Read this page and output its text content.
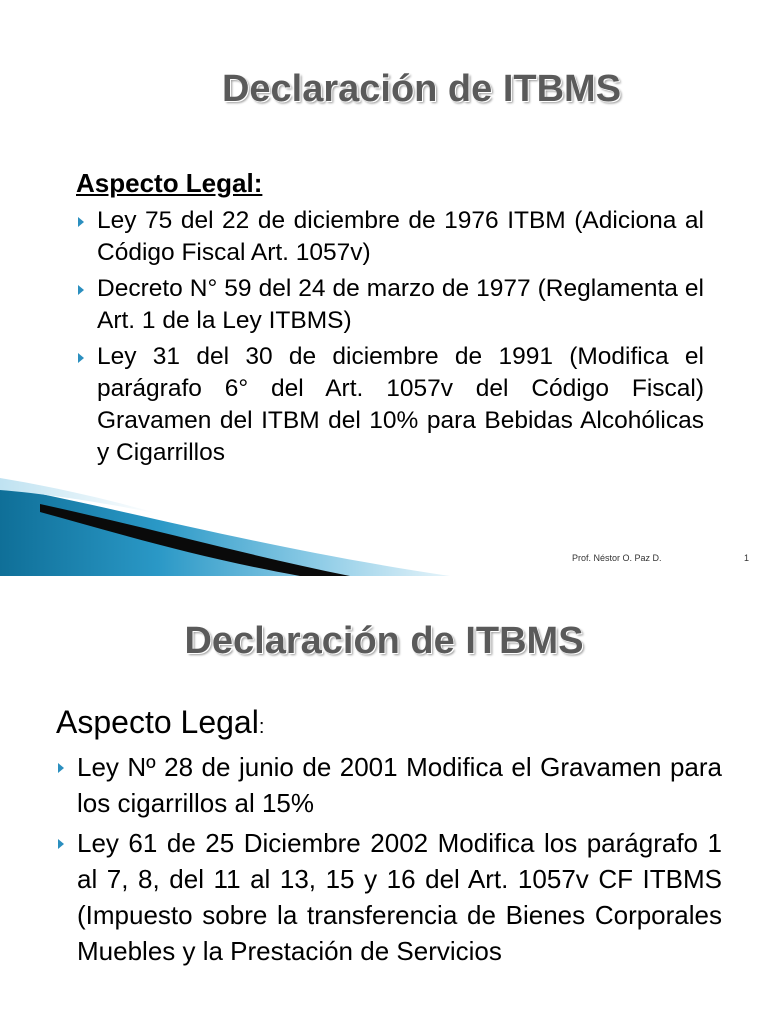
Declaración de ITBMS
Aspecto Legal:
Ley 75 del 22 de diciembre de 1976 ITBM (Adiciona al Código Fiscal Art. 1057v)
Decreto N° 59 del 24 de marzo de 1977 (Reglamenta el Art. 1 de la Ley ITBMS)
Ley 31 del 30 de diciembre de 1991 (Modifica el parágrafo 6° del Art. 1057v del Código Fiscal) Gravamen del ITBM del 10% para Bebidas Alcohólicas y Cigarrillos
Prof. Néstor O. Paz D.	1
Declaración de ITBMS
Aspecto Legal:
Ley Nº 28 de junio de 2001 Modifica el Gravamen para los cigarrillos al 15%
Ley 61 de 25 Diciembre 2002 Modifica los parágrafo 1 al 7, 8, del 11 al 13, 15 y 16 del Art. 1057v CF ITBMS (Impuesto sobre la transferencia de Bienes Corporales Muebles y la Prestación de Servicios
